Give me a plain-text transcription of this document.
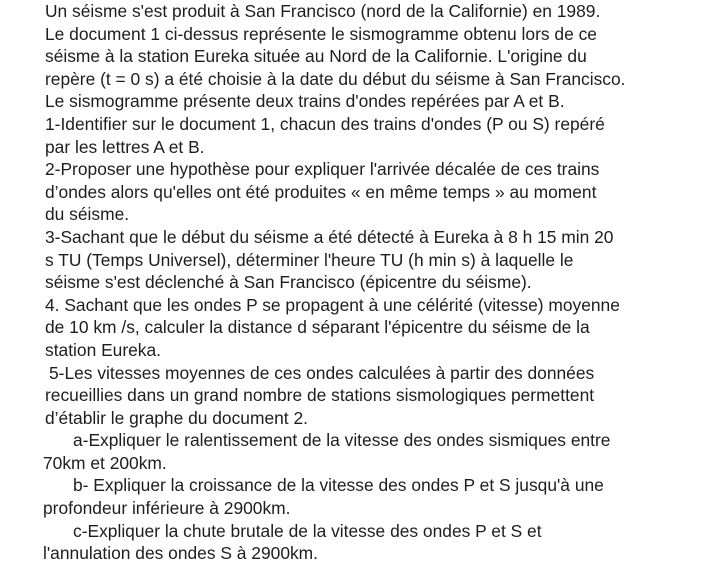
Un séisme s'est produit à San Francisco (nord de la Californie) en 1989.
Le document 1 ci-dessus représente le sismogramme obtenu lors de ce
séisme à la station Eureka située au Nord de la Californie. L'origine du
repère (t = 0 s) a été choisie à la date du début du séisme à San Francisco.
Le sismogramme présente deux trains d'ondes repérées par A et B.
1-Identifier sur le document 1, chacun des trains d'ondes (P ou S) repéré
par les lettres A et B.
2-Proposer une hypothèse pour expliquer l'arrivée décalée de ces trains
d’ondes alors qu'elles ont été produites « en même temps » au moment
du séisme.
3-Sachant que le début du séisme a été détecté à Eureka à 8 h 15 min 20
s TU (Temps Universel), déterminer l'heure TU (h min s) à laquelle le
séisme s'est déclenché à San Francisco (épicentre du séisme).
4. Sachant que les ondes P se propagent à une célérité (vitesse) moyenne
de 10 km /s, calculer la distance d séparant l'épicentre du séisme de la
station Eureka.
5-Les vitesses moyennes de ces ondes calculées à partir des données
recueillies dans un grand nombre de stations sismologiques permettent
d’établir le graphe du document 2.
a-Expliquer le ralentissement de la vitesse des ondes sismiques entre
70km et 200km.
b- Expliquer la croissance de la vitesse des ondes P et S jusqu'à une
profondeur inférieure à 2900km.
c-Expliquer la chute brutale de la vitesse des ondes P et S et
l'annulation des ondes S à 2900km.
